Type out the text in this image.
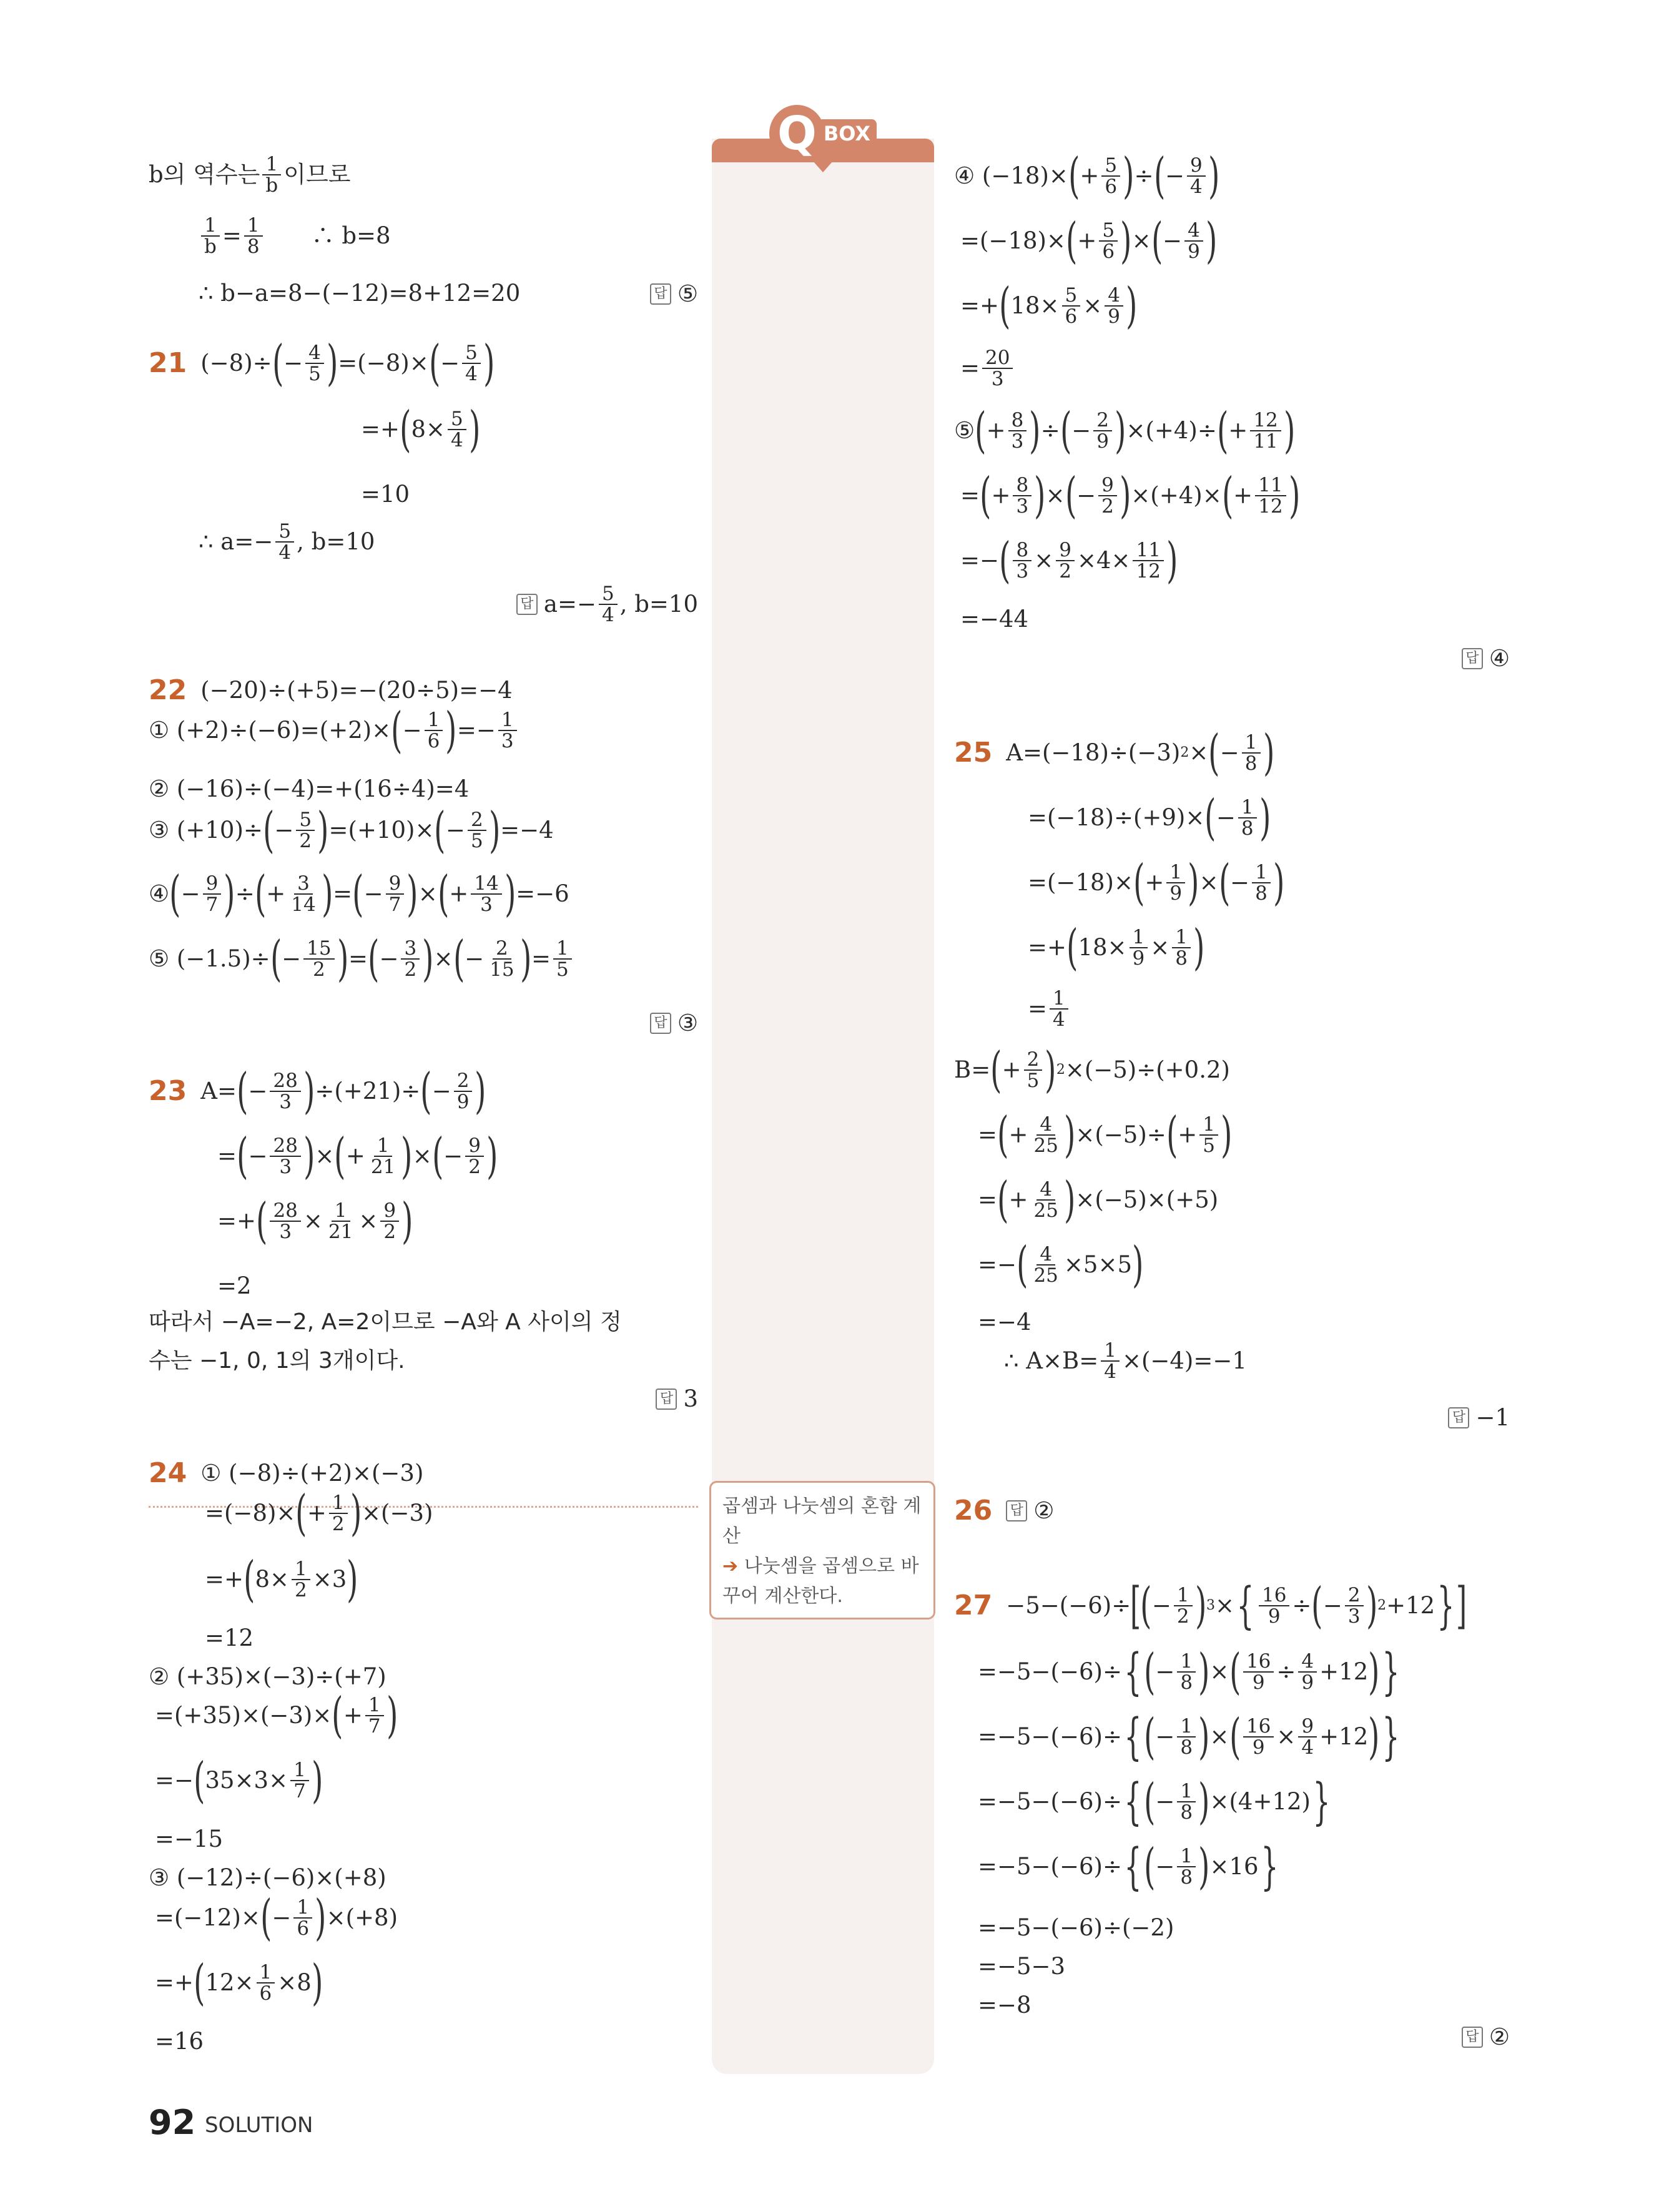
Q BOX
곱셈과 나눗셈의 혼합 계산
➔ 나눗셈을 곱셈으로 바꾸어 계산한다.
b의 역수는 $\frac{1}{b}$ 이므로
$\frac{1}{b} = \frac{1}{8}$ 　　∴ b=8
∴ b−a=8−(−12)=8+12=20
21 (−8)÷ ( − $\frac{4}{5}$ ) =(−8)× ( − $\frac{5}{4}$ )
=+ ( $8\times \frac{5}{4}$ )
=10
∴ $a=- \frac{5}{4}$ , b=10
22 (−20)÷(+5)=−(20÷5)=−4
① (+2)÷(−6)=(+2)× ( − $\frac{1}{6}$ ) =− $\frac{1}{3}$
② (−16)÷(−4)=+(16÷4)=4
③ (+10)÷ ( − $\frac{5}{2}$ ) =(+10)× ( − $\frac{2}{5}$ ) =−4
④ ( − $\frac{9}{7}$ ) ÷ ( + $\frac{3}{14}$ ) = ( − $\frac{9}{7}$ ) × ( + $\frac{14}{3}$ ) =−6
⑤ (−1.5)÷ ( − $\frac{15}{2}$ ) = ( − $\frac{3}{2}$ ) × ( − $\frac{2}{15}$ ) = $\frac{1}{5}$
23 A= ( − $\frac{28}{3}$ ) ÷(+21)÷ ( − $\frac{2}{9}$ )
= ( − $\frac{28}{3}$ ) × ( + $\frac{1}{21}$ ) × ( − $\frac{9}{2}$ )
=+ ( $\frac{28}{3} \times \frac{1}{21} \times \frac{9}{2}$ )
=2
따라서 −A=−2, A=2이므로 −A와 A 사이의 정
수는 −1, 0, 1의 3개이다.
24 ① (−8)÷(+2)×(−3)
=(−8)× ( + $\frac{1}{2}$ ) ×(−3)
=+ ( $8\times \frac{1}{2} \times 3$ )
=12
② (+35)×(−3)÷(+7)
=(+35)×(−3)× ( + $\frac{1}{7}$ )
=− ( $35\times 3\times \frac{1}{7}$ )
=−15
③ (−12)÷(−6)×(+8)
=(−12)× ( − $\frac{1}{6}$ ) ×(+8)
=+ ( $12\times \frac{1}{6} \times 8$ )
=16
답 ⑤
답 $a=- \frac{5}{4}$ , b=10
답 ③
답 3
④ (−18)× ( + $\frac{5}{6}$ ) ÷ ( − $\frac{9}{4}$ )
=(−18)× ( + $\frac{5}{6}$ ) × ( − $\frac{4}{9}$ )
=+ ( $18\times \frac{5}{6} \times \frac{4}{9}$ )
= $\frac{20}{3}$
⑤ ( + $\frac{8}{3}$ ) ÷ ( − $\frac{2}{9}$ ) ×(+4)÷ ( + $\frac{12}{11}$ )
= ( + $\frac{8}{3}$ ) × ( − $\frac{9}{2}$ ) ×(+4)× ( + $\frac{11}{12}$ )
=− ( $\frac{8}{3} \times \frac{9}{2} \times 4\times \frac{11}{12}$ )
=−44
25 A=(−18)÷(−3) 2 × ( − $\frac{1}{8}$ )
=(−18)÷(+9)× ( − $\frac{1}{8}$ )
=(−18)× ( + $\frac{1}{9}$ ) × ( − $\frac{1}{8}$ )
=+ ( $18\times \frac{1}{9} \times \frac{1}{8}$ )
= $\frac{1}{4}$
B= ( + $\frac{2}{5}$ ) 2 ×(−5)÷(+0.2)
= ( + $\frac{4}{25}$ ) ×(−5)÷ ( + $\frac{1}{5}$ )
= ( + $\frac{4}{25}$ ) ×(−5)×(+5)
=− ( $\frac{4}{25} \times 5\times 5$ )
=−4
∴ $A\times B= \frac{1}{4} \times(-4)=-1$
26 답 ②
27 −5−(−6)÷ [ ( − $\frac{1}{2}$ ) 3 × { $\frac{16}{9}$ ÷ ( − $\frac{2}{3}$ ) 2 +12 } ]
=−5−(−6)÷ { ( − $\frac{1}{8}$ ) × ( $\frac{16}{9} \div \frac{4}{9} +12$ ) }
=−5−(−6)÷ { ( − $\frac{1}{8}$ ) × ( $\frac{16}{9} \times \frac{9}{4} +12$ ) }
=−5−(−6)÷ { ( − $\frac{1}{8}$ ) ×(4+12) }
=−5−(−6)÷ { ( − $\frac{1}{8}$ ) ×16 }
=−5−(−6)÷(−2)
=−5−3
=−8
답 ④
답 −1
답 ②
92 SOLUTION
